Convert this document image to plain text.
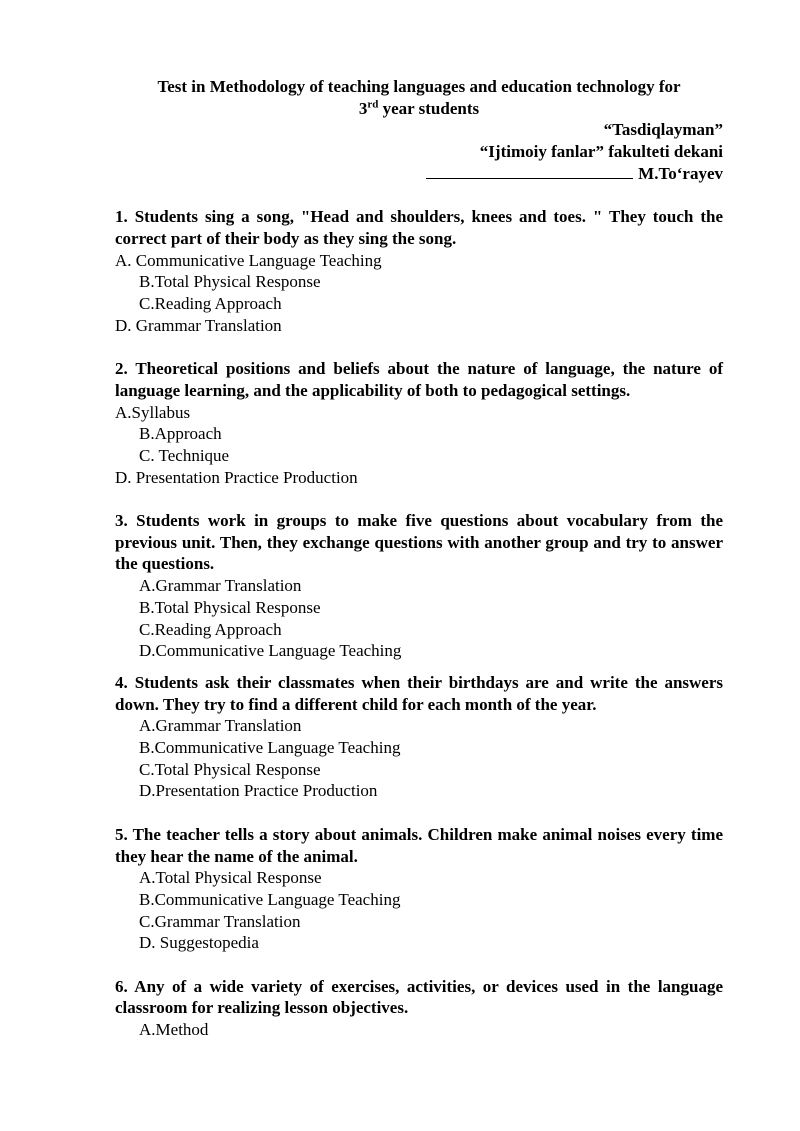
Test in Methodology of teaching languages and education technology for
3rd year students
“Tasdiqlayman”
“Ijtimoiy fanlar” fakulteti dekani
M.To‘rayev
1. Students sing a song, "Head and shoulders, knees and toes. " They touch the correct part of their body as they sing the song.
A. Communicative Language Teaching
B.Total Physical Response
C.Reading Approach
D. Grammar Translation
2. Theoretical positions and beliefs about the nature of language, the nature of language learning, and the applicability of both to pedagogical settings.
A.Syllabus
B.Approach
C. Technique
D. Presentation Practice Production
3. Students work in groups to make five questions about vocabulary from the previous unit. Then, they exchange questions with another group and try to answer the questions.
A.Grammar Translation
B.Total Physical Response
C.Reading Approach
D.Communicative Language Teaching
4. Students ask their classmates when their birthdays are and write the answers down. They try to find a different child for each month of the year.
A.Grammar Translation
B.Communicative Language Teaching
C.Total Physical Response
D.Presentation Practice Production
5. The teacher tells a story about animals. Children make animal noises every time they hear the name of the animal.
A.Total Physical Response
B.Communicative Language Teaching
C.Grammar Translation
D. Suggestopedia
6. Any of a wide variety of exercises, activities, or devices used in the language classroom for realizing lesson objectives.
A.Method
